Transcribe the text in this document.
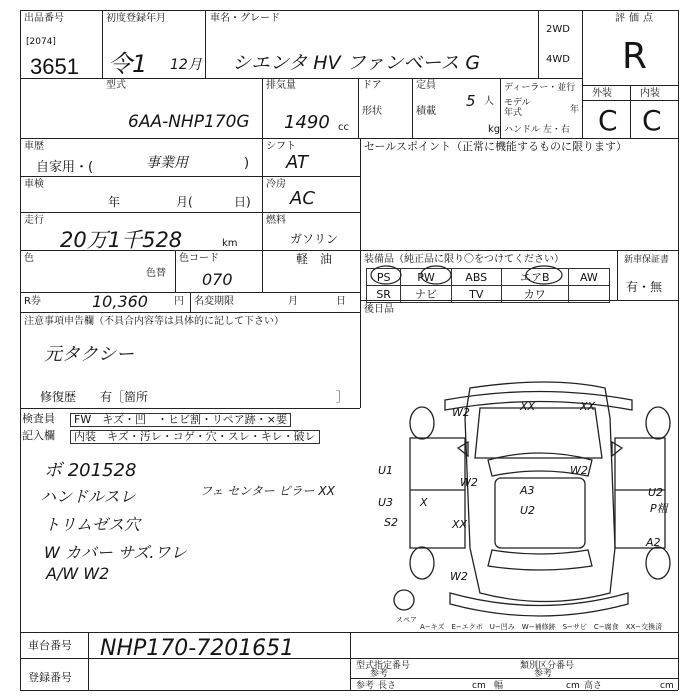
出品番号
[2074]
3651
初度登録年月
令1 12月
車名・グレード
シエンタ HV ファンベース G
2WD
4WD
評価点
R
外装	内装
C C
型式
6AA-NHP170G
排気量
1490 cc
ドア
形状
定員
5 人
積載
kg
ディーラー・並行
モデル年式	年
ハンドル 左・右
車歴
自家用・(	事業用	)
車検
年	月(	日)
走行
20万1千528	km
色
色替
色コード
070
R券	10,360	円 名変期限	月	日
シフト
AT
冷房
AC
燃料
ガソリン
軽　油
セールスポイント（正常に機能するものに限ります）
注意事項申告欄（不具合内容等は具体的に記して下さい）
元タクシー
修復歴 有［箇所	］
装備品（純正品に限り〇をつけてください）	新車保証書
有・無
PS	PW	ABS	エアB	AW
SR	ナビ	TV	カワ	
後日品
検査員
記入欄
FW　キズ・凹　・ヒビ割・リペア跡・×要
内装　キズ・汚レ・コゲ・穴・スレ・キレ・破レ
ボ 201528
ハンドルスレ
トリムゼス穴
W カバー サズ.ワレ
A/W W2
フェ センター ピラー XX
W2	XX	XX
W2
W2
U1
U3
S2
X
XX
A3
U2
U2
P粗
A2
W2
スペア
A−キズ　E−エクボ　U−凹み　W−補修跡　S−サビ　C−腐食　XX−交換済
車台番号 NHP170-7201651
登録番号
型式指定番号
参考
類別区分番号
参考
参考 長さ	cm 幅	cm 高さ	cm
